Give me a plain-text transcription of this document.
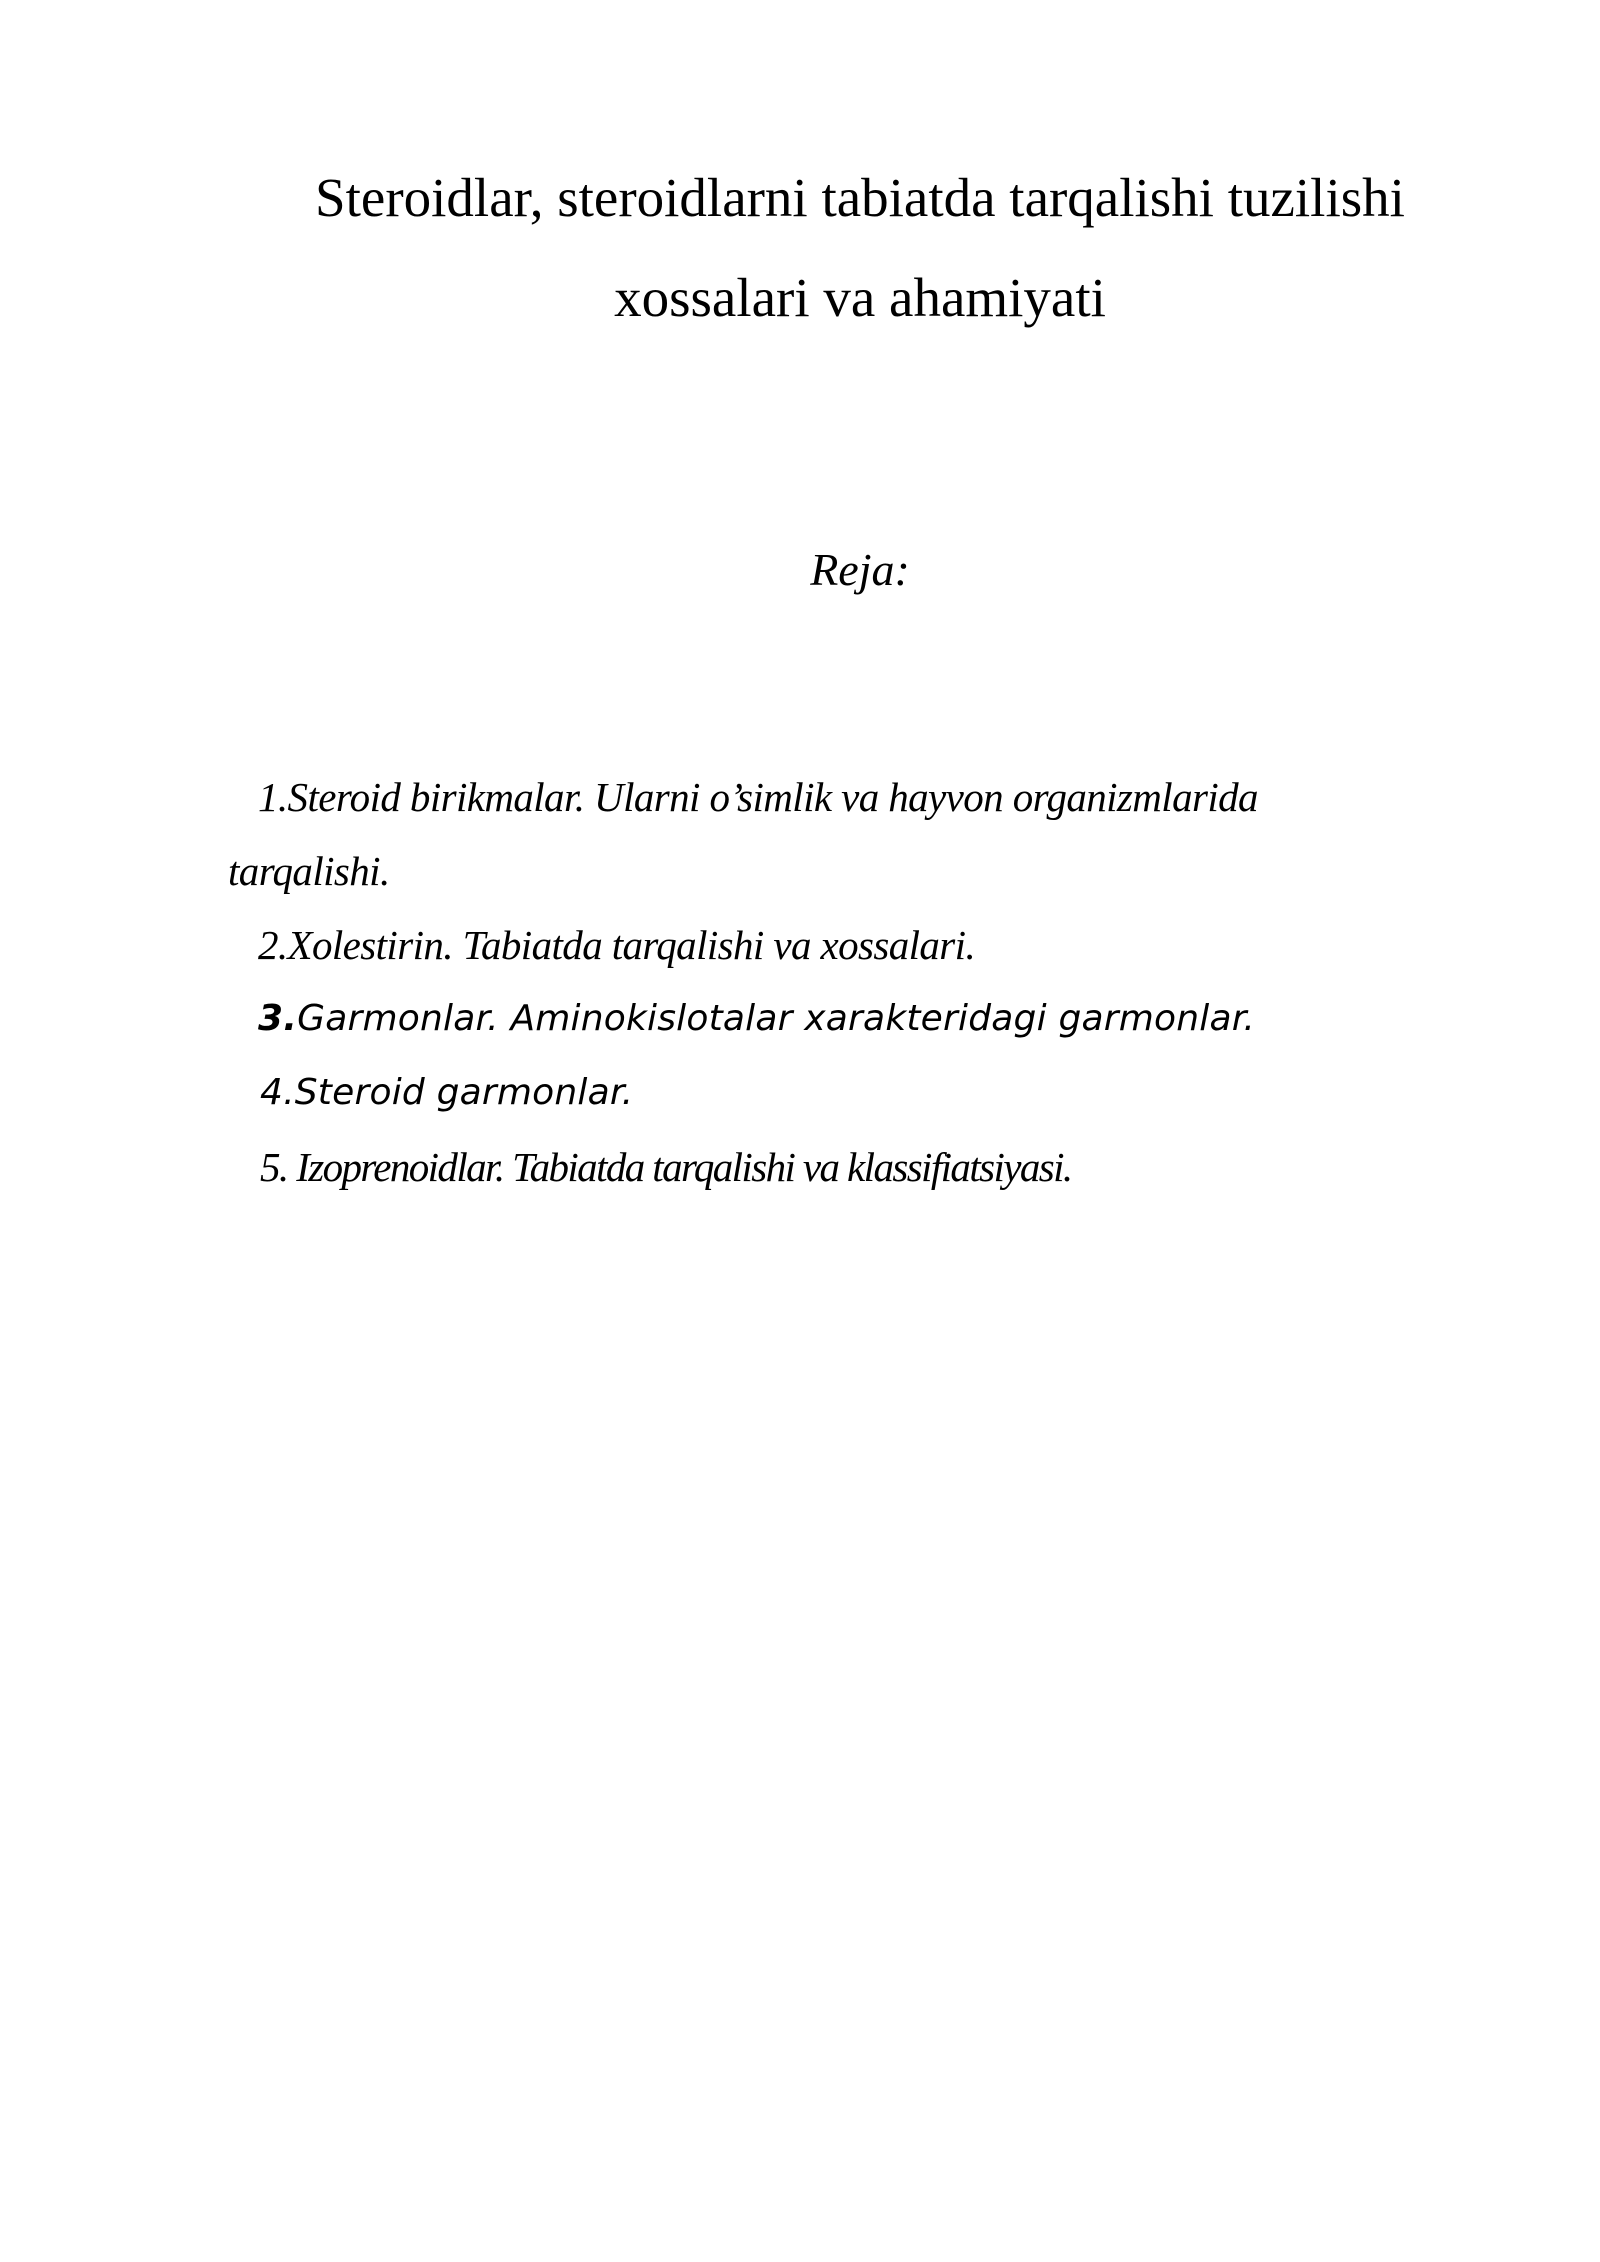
Steroidlar, steroidlarni tabiatda tarqalishi tuzilishi
xossalari va ahamiyati
Reja:
1.Steroid birikmalar. Ularni o’simlik va hayvon organizmlarida
tarqalishi.
2.Xolestirin. Tabiatda tarqalishi va xossalari.
3.Garmonlar. Aminokislotalar xarakteridagi garmonlar.
4.Steroid garmonlar.
5. Izoprenoidlar. Tabiatda tarqalishi va klassifiatsiyasi.
